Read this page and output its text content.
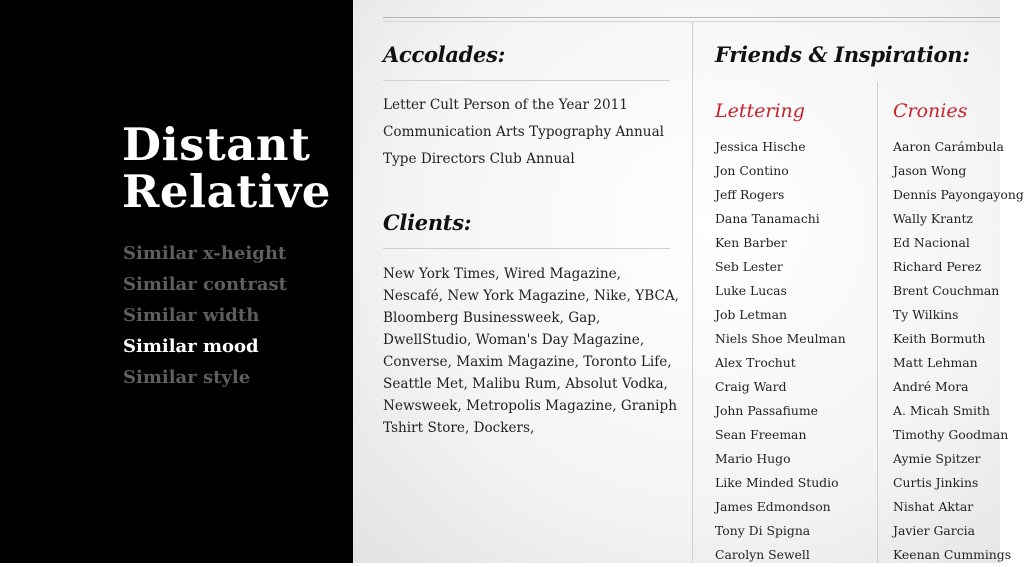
Distant
Relative
Similar x-height
Similar contrast
Similar width
Similar mood
Similar style
Accolades:
Letter Cult Person of the Year 2011
Communication Arts Typography Annual
Type Directors Club Annual
Clients:
New York Times, Wired Magazine, Nescafé, New York Magazine, Nike, YBCA, Bloomberg Businessweek, Gap, DwellStudio, Woman's Day Magazine, Converse, Maxim Magazine, Toronto Life, Seattle Met, Malibu Rum, Absolut Vodka, Newsweek, Metropolis Magazine, Graniph Tshirt Store, Dockers,
Friends & Inspiration:
Lettering
Jessica Hische
Jon Contino
Jeff Rogers
Dana Tanamachi
Ken Barber
Seb Lester
Luke Lucas
Job Letman
Niels Shoe Meulman
Alex Trochut
Craig Ward
John Passafiume
Sean Freeman
Mario Hugo
Like Minded Studio
James Edmondson
Tony Di Spigna
Carolyn Sewell
Cronies
Aaron Carámbula
Jason Wong
Dennis Payongayong
Wally Krantz
Ed Nacional
Richard Perez
Brent Couchman
Ty Wilkins
Keith Bormuth
Matt Lehman
André Mora
A. Micah Smith
Timothy Goodman
Aymie Spitzer
Curtis Jinkins
Nishat Aktar
Javier Garcia
Keenan Cummings
